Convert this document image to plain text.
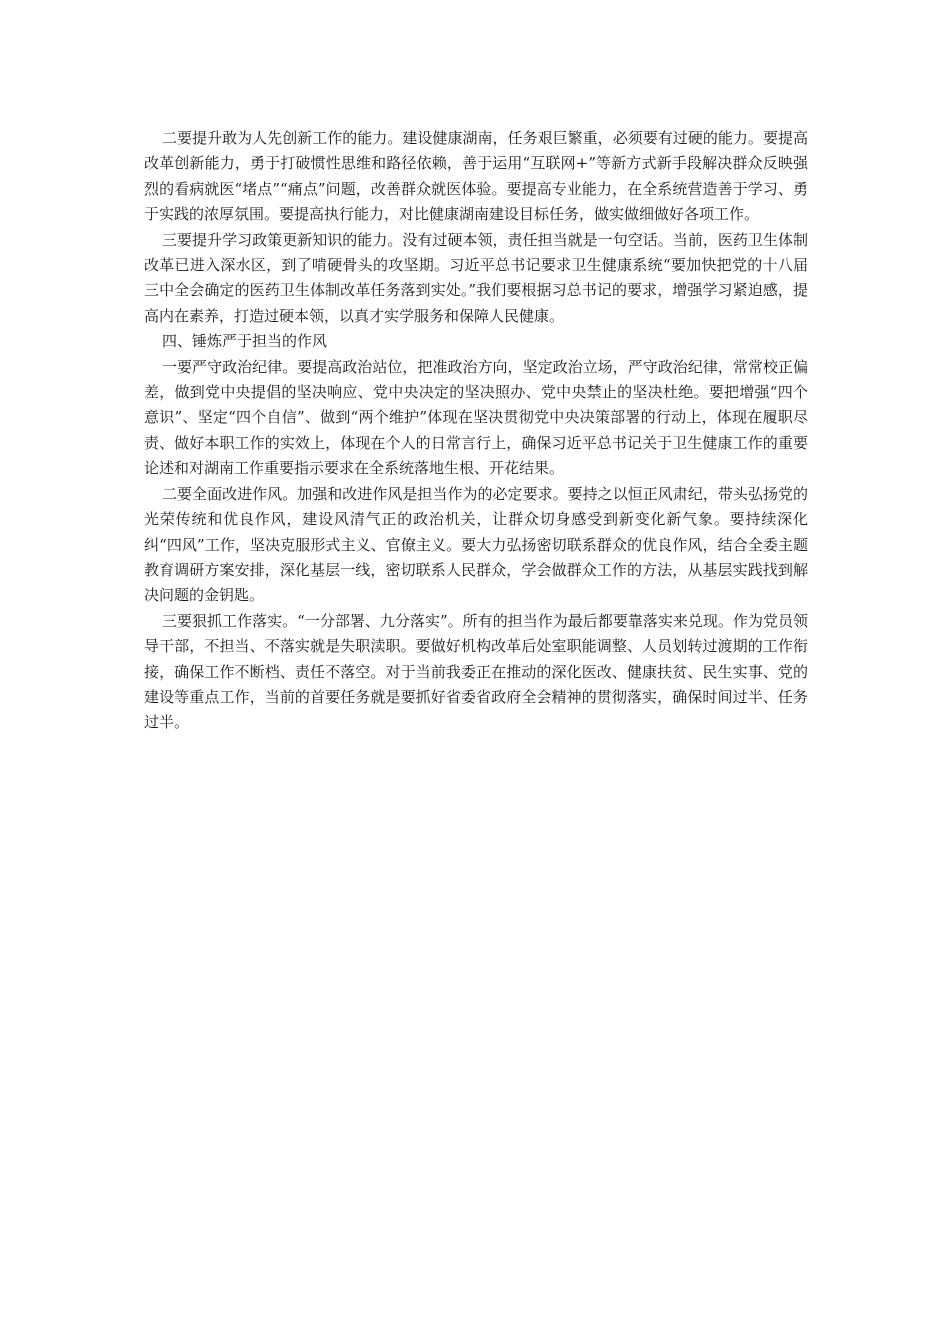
二要提升敢为人先创新工作的能力。建设健康湖南，任务艰巨繁重，必须要有过硬的能力。要提高改革创新能力，勇于打破惯性思维和路径依赖，善于运用“互联网+”等新方式新手段解决群众反映强烈的看病就医“堵点”“痛点”问题，改善群众就医体验。要提高专业能力，在全系统营造善于学习、勇于实践的浓厚氛围。要提高执行能力，对比健康湖南建设目标任务，做实做细做好各项工作。

三要提升学习政策更新知识的能力。没有过硬本领，责任担当就是一句空话。当前，医药卫生体制改革已进入深水区，到了啃硬骨头的攻坚期。习近平总书记要求卫生健康系统“要加快把党的十八届三中全会确定的医药卫生体制改革任务落到实处。”我们要根据习总书记的要求，增强学习紧迫感，提高内在素养，打造过硬本领，以真才实学服务和保障人民健康。

四、锤炼严于担当的作风

一要严守政治纪律。要提高政治站位，把准政治方向，坚定政治立场，严守政治纪律，常常校正偏差，做到党中央提倡的坚决响应、党中央决定的坚决照办、党中央禁止的坚决杜绝。要把增强“四个意识”、坚定“四个自信”、做到“两个维护”体现在坚决贯彻党中央决策部署的行动上，体现在履职尽责、做好本职工作的实效上，体现在个人的日常言行上，确保习近平总书记关于卫生健康工作的重要论述和对湖南工作重要指示要求在全系统落地生根、开花结果。

二要全面改进作风。加强和改进作风是担当作为的必定要求。要持之以恒正风肃纪，带头弘扬党的光荣传统和优良作风，建设风清气正的政治机关，让群众切身感受到新变化新气象。要持续深化纠“四风”工作，坚决克服形式主义、官僚主义。要大力弘扬密切联系群众的优良作风，结合全委主题教育调研方案安排，深化基层一线，密切联系人民群众，学会做群众工作的方法，从基层实践找到解决问题的金钥匙。

三要狠抓工作落实。“一分部署、九分落实”。所有的担当作为最后都要靠落实来兑现。作为党员领导干部，不担当、不落实就是失职渎职。要做好机构改革后处室职能调整、人员划转过渡期的工作衔接，确保工作不断档、责任不落空。对于当前我委正在推动的深化医改、健康扶贫、民生实事、党的建设等重点工作，当前的首要任务就是要抓好省委省政府全会精神的贯彻落实，确保时间过半、任务过半。
